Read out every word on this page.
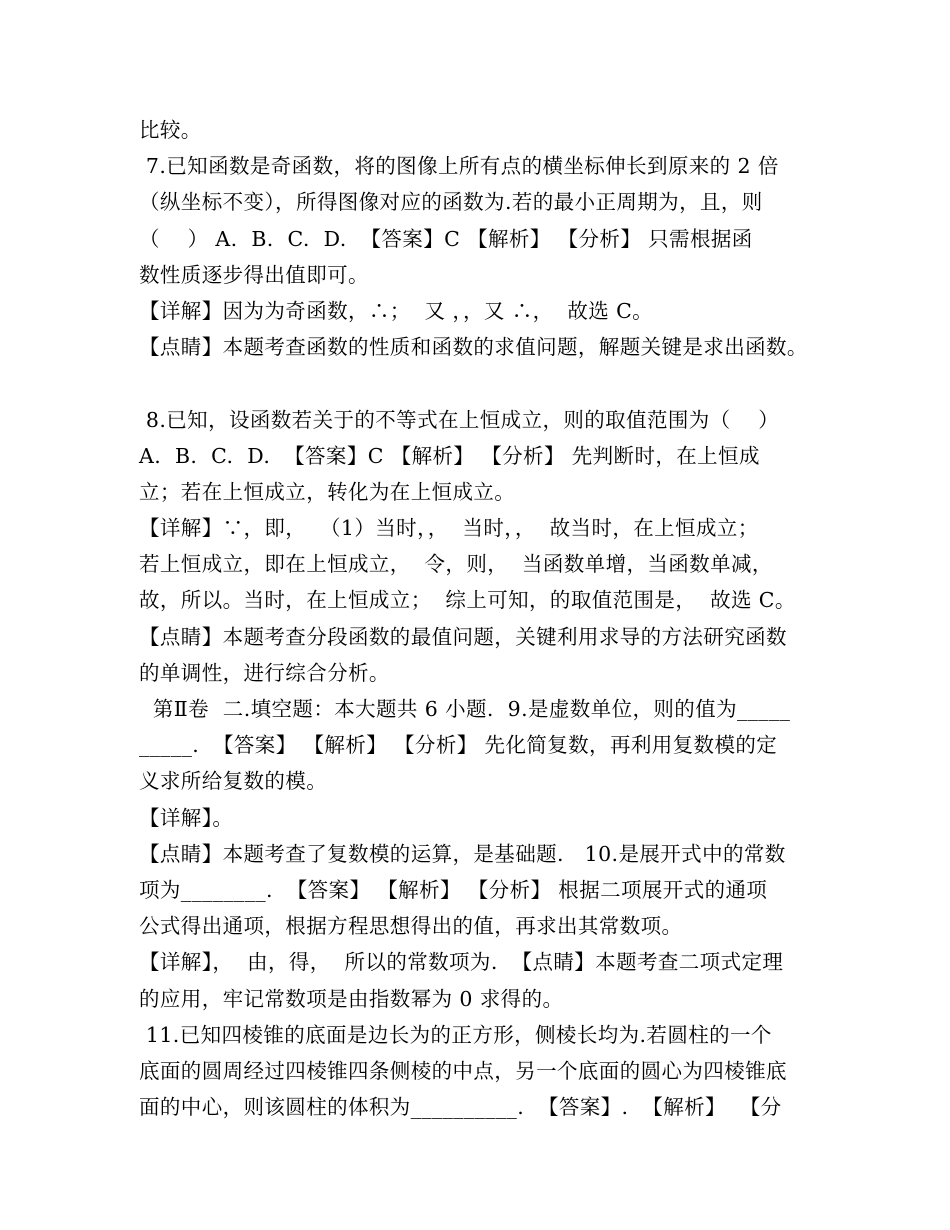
比较。
7.已知函数是奇函数，将的图像上所有点的横坐标伸长到原来的 2 倍
（纵坐标不变），所得图像对应的函数为.若的最小正周期为，且，则
（    ） A.  B.  C.  D.  【答案】C 【解析】 【分析】 只需根据函
数性质逐步得出值即可。
【详解】因为为奇函数，∴；  又 ，，又 ∴，  故选 C。
【点睛】本题考查函数的性质和函数的求值问题，解题关键是求出函数。
8.已知，设函数若关于的不等式在上恒成立，则的取值范围为（    ）
A.  B.  C.  D.  【答案】C 【解析】 【分析】 先判断时，在上恒成
立；若在上恒成立，转化为在上恒成立。
【详解】∵，即，  （1）当时，，  当时，，  故当时，在上恒成立；
若上恒成立，即在上恒成立，  令，则，  当函数单增，当函数单减，
故，所以。当时，在上恒成立；  综上可知，的取值范围是，  故选 C。
【点睛】本题考查分段函数的最值问题，关键利用求导的方法研究函数
的单调性，进行综合分析。
第Ⅱ卷  二.填空题：本大题共 6 小题.  9.是虚数单位，则的值为_____
_____.  【答案】 【解析】 【分析】 先化简复数，再利用复数模的定
义求所给复数的模。
【详解】。
【点睛】本题考查了复数模的运算，是基础题.   10.是展开式中的常数
项为________.  【答案】 【解析】 【分析】 根据二项展开式的通项
公式得出通项，根据方程思想得出的值，再求出其常数项。
【详解】，  由，得，  所以的常数项为.  【点睛】本题考查二项式定理
的应用，牢记常数项是由指数幂为 0 求得的。
11.已知四棱锥的底面是边长为的正方形，侧棱长均为.若圆柱的一个
底面的圆周经过四棱锥四条侧棱的中点，另一个底面的圆心为四棱锥底
面的中心，则该圆柱的体积为__________.  【答案】.  【解析】  【分
